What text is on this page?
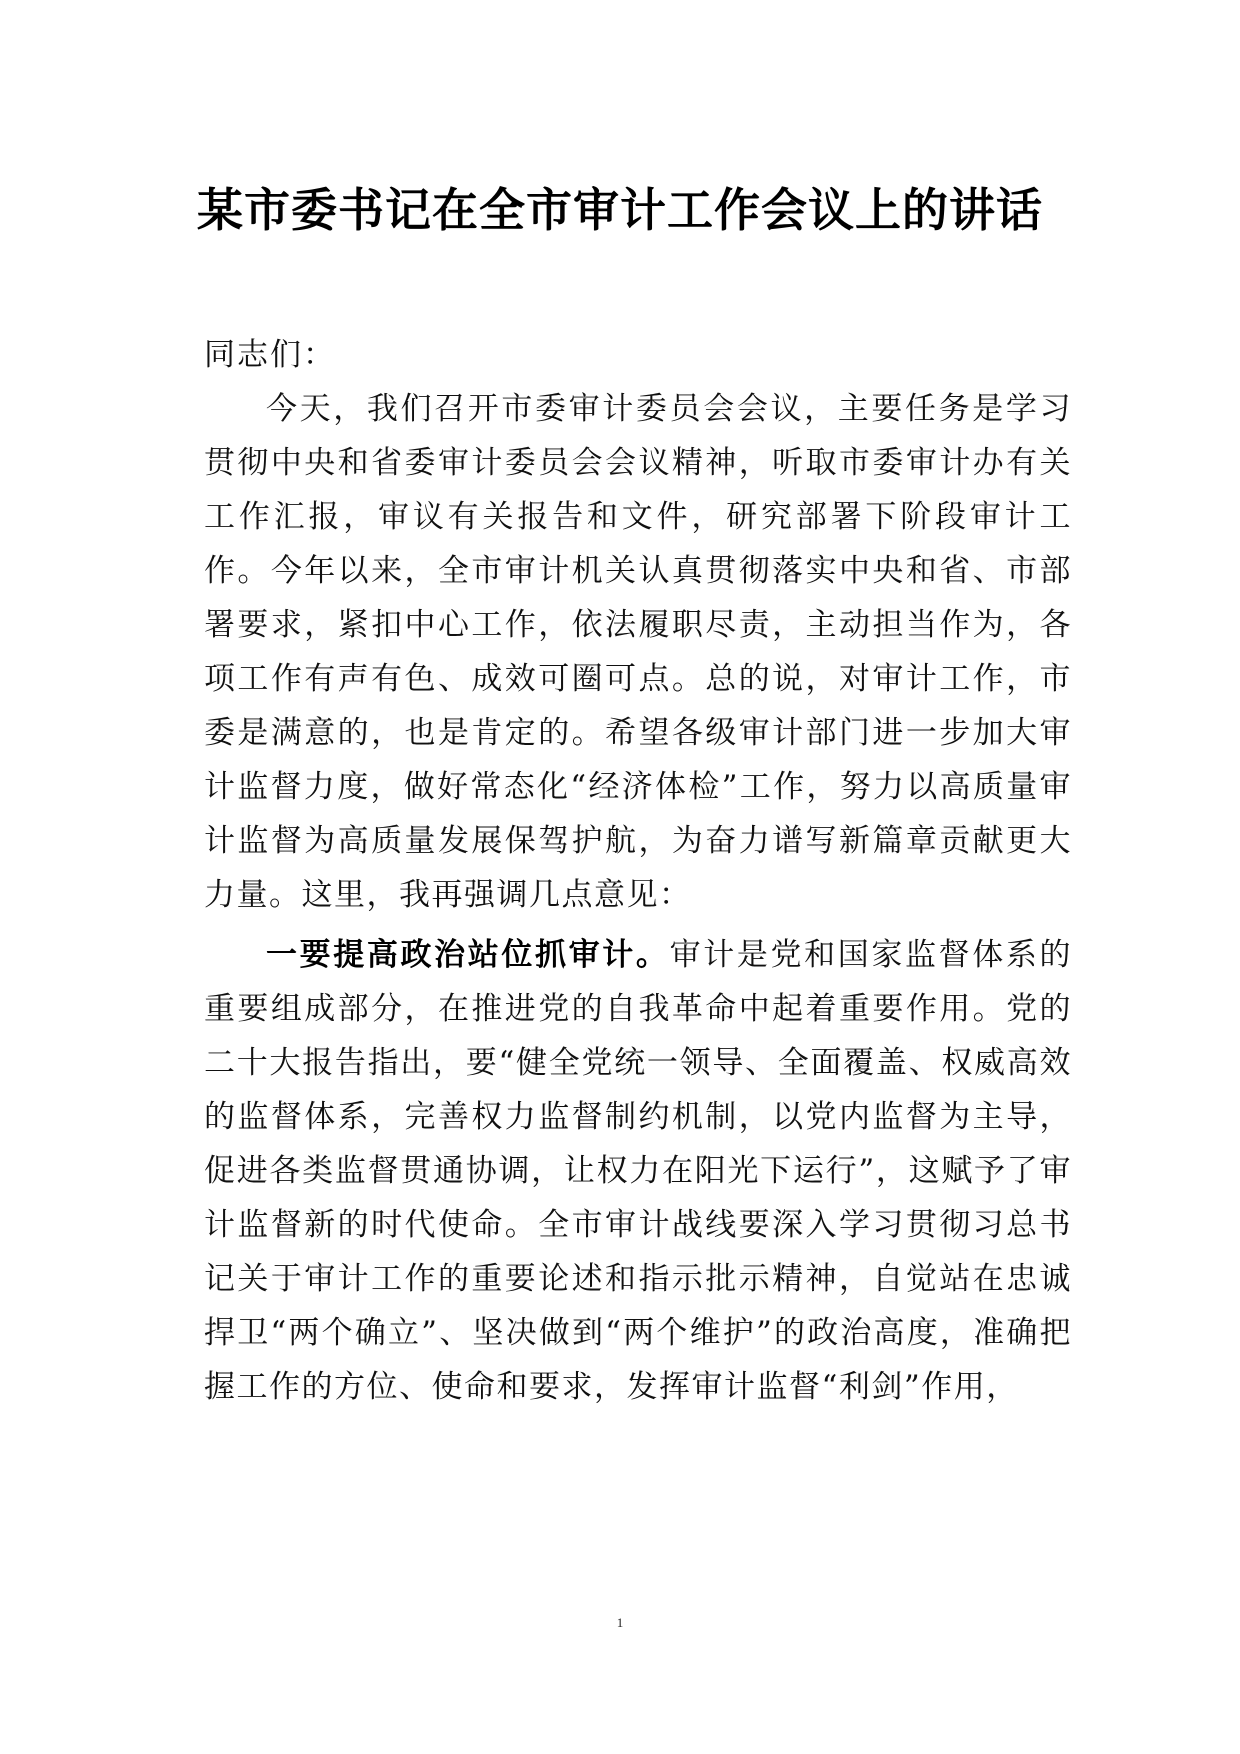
某市委书记在全市审计工作会议上的讲话

同志们：

今天，我们召开市委审计委员会会议，主要任务是学习贯彻中央和省委审计委员会会议精神，听取市委审计办有关工作汇报，审议有关报告和文件，研究部署下阶段审计工作。今年以来，全市审计机关认真贯彻落实中央和省、市部署要求，紧扣中心工作，依法履职尽责，主动担当作为，各项工作有声有色、成效可圈可点。总的说，对审计工作，市委是满意的，也是肯定的。希望各级审计部门进一步加大审计监督力度，做好常态化“经济体检”工作，努力以高质量审计监督为高质量发展保驾护航，为奋力谱写新篇章贡献更大力量。这里，我再强调几点意见：

一要提高政治站位抓审计。审计是党和国家监督体系的重要组成部分，在推进党的自我革命中起着重要作用。党的二十大报告指出，要“健全党统一领导、全面覆盖、权威高效的监督体系，完善权力监督制约机制，以党内监督为主导，促进各类监督贯通协调，让权力在阳光下运行”，这赋予了审计监督新的时代使命。全市审计战线要深入学习贯彻习总书记关于审计工作的重要论述和指示批示精神，自觉站在忠诚捍卫“两个确立”、坚决做到“两个维护”的政治高度，准确把握工作的方位、使命和要求，发挥审计监督“利剑”作用，

1
